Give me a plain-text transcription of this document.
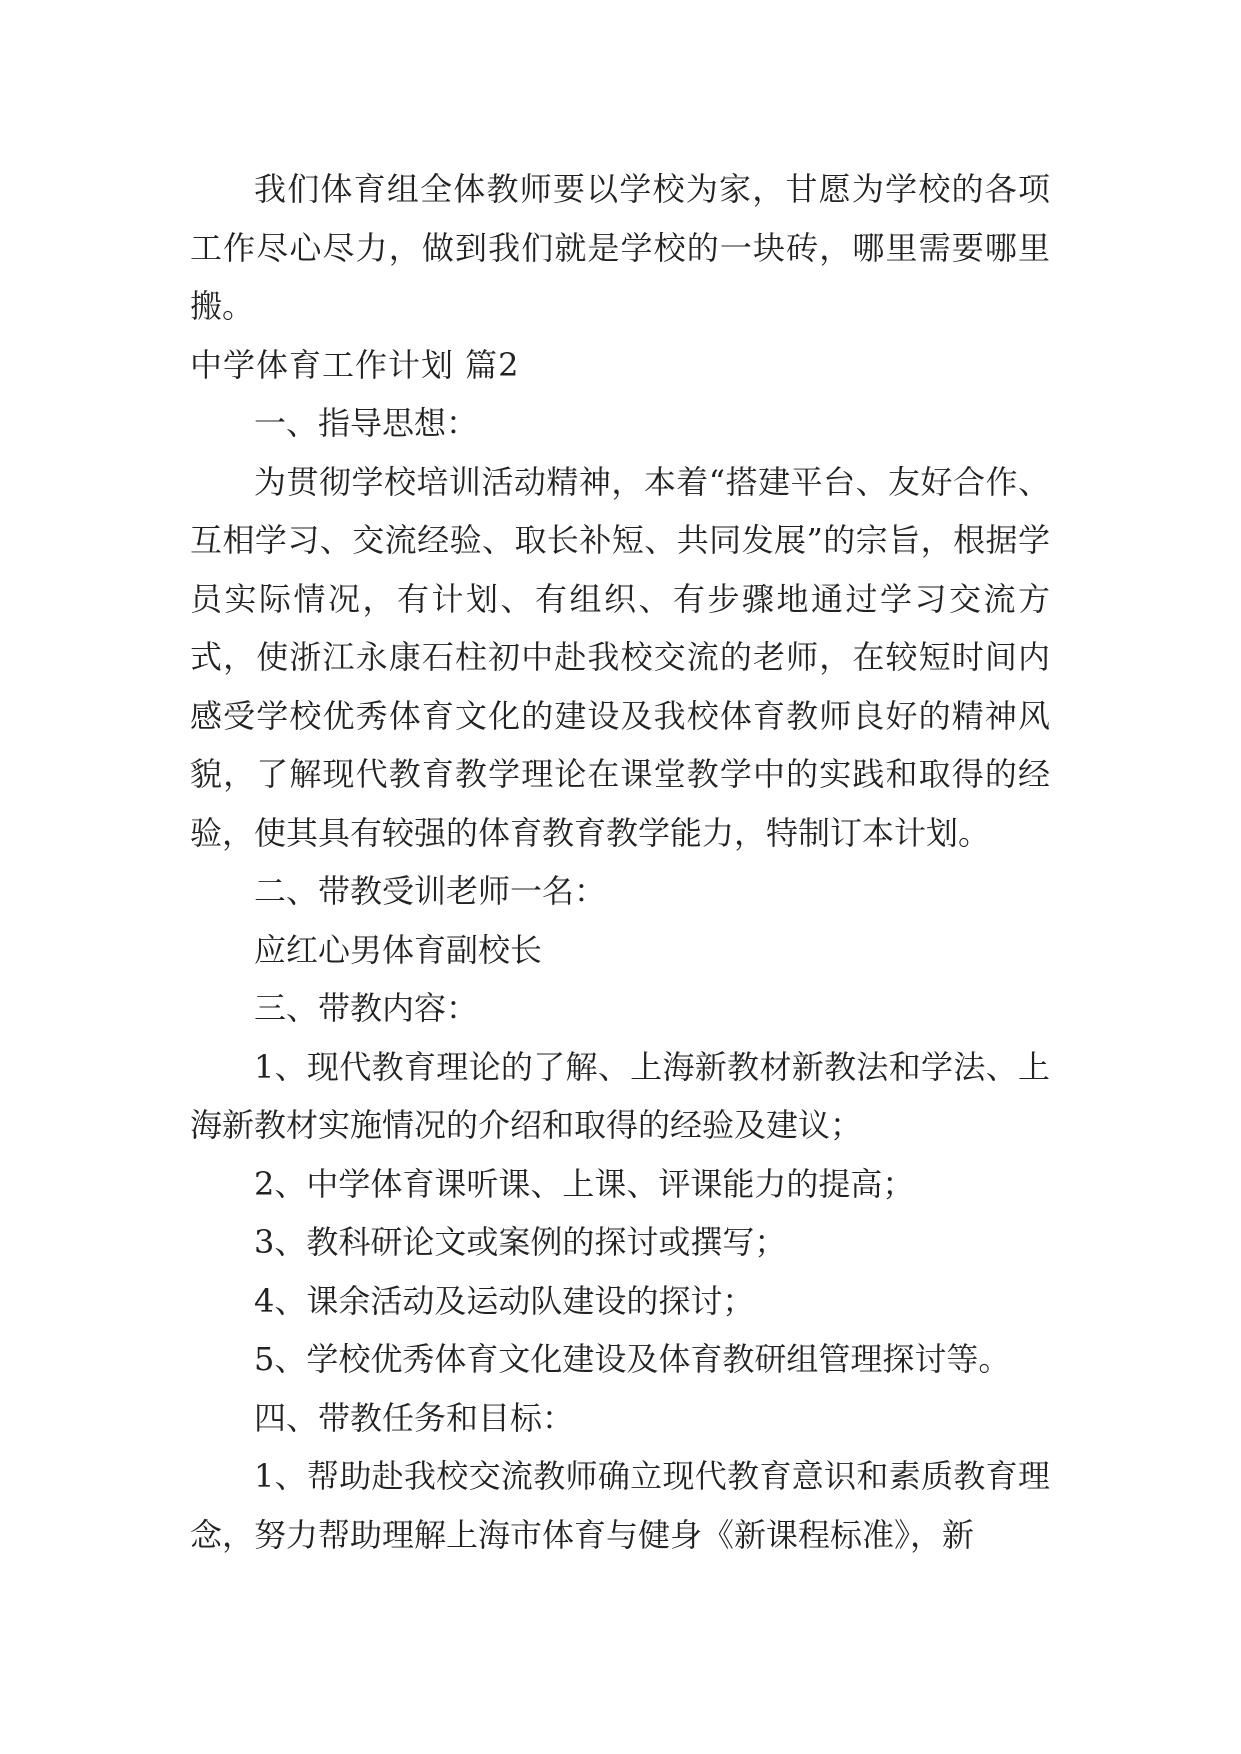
我们体育组全体教师要以学校为家，甘愿为学校的各项工作尽心尽力，做到我们就是学校的一块砖，哪里需要哪里搬。

中学体育工作计划 篇2

一、指导思想：

为贯彻学校培训活动精神，本着“搭建平台、友好合作、互相学习、交流经验、取长补短、共同发展”的宗旨，根据学员实际情况，有计划、有组织、有步骤地通过学习交流方式，使浙江永康石柱初中赴我校交流的老师，在较短时间内感受学校优秀体育文化的建设及我校体育教师良好的精神风貌，了解现代教育教学理论在课堂教学中的实践和取得的经验，使其具有较强的体育教育教学能力，特制订本计划。

二、带教受训老师一名：

应红心男体育副校长

三、带教内容：

1、现代教育理论的了解、上海新教材新教法和学法、上海新教材实施情况的介绍和取得的经验及建议；

2、中学体育课听课、上课、评课能力的提高；

3、教科研论文或案例的探讨或撰写；

4、课余活动及运动队建设的探讨；

5、学校优秀体育文化建设及体育教研组管理探讨等。

四、带教任务和目标：

1、帮助赴我校交流教师确立现代教育意识和素质教育理念，努力帮助理解上海市体育与健身《新课程标准》，新
